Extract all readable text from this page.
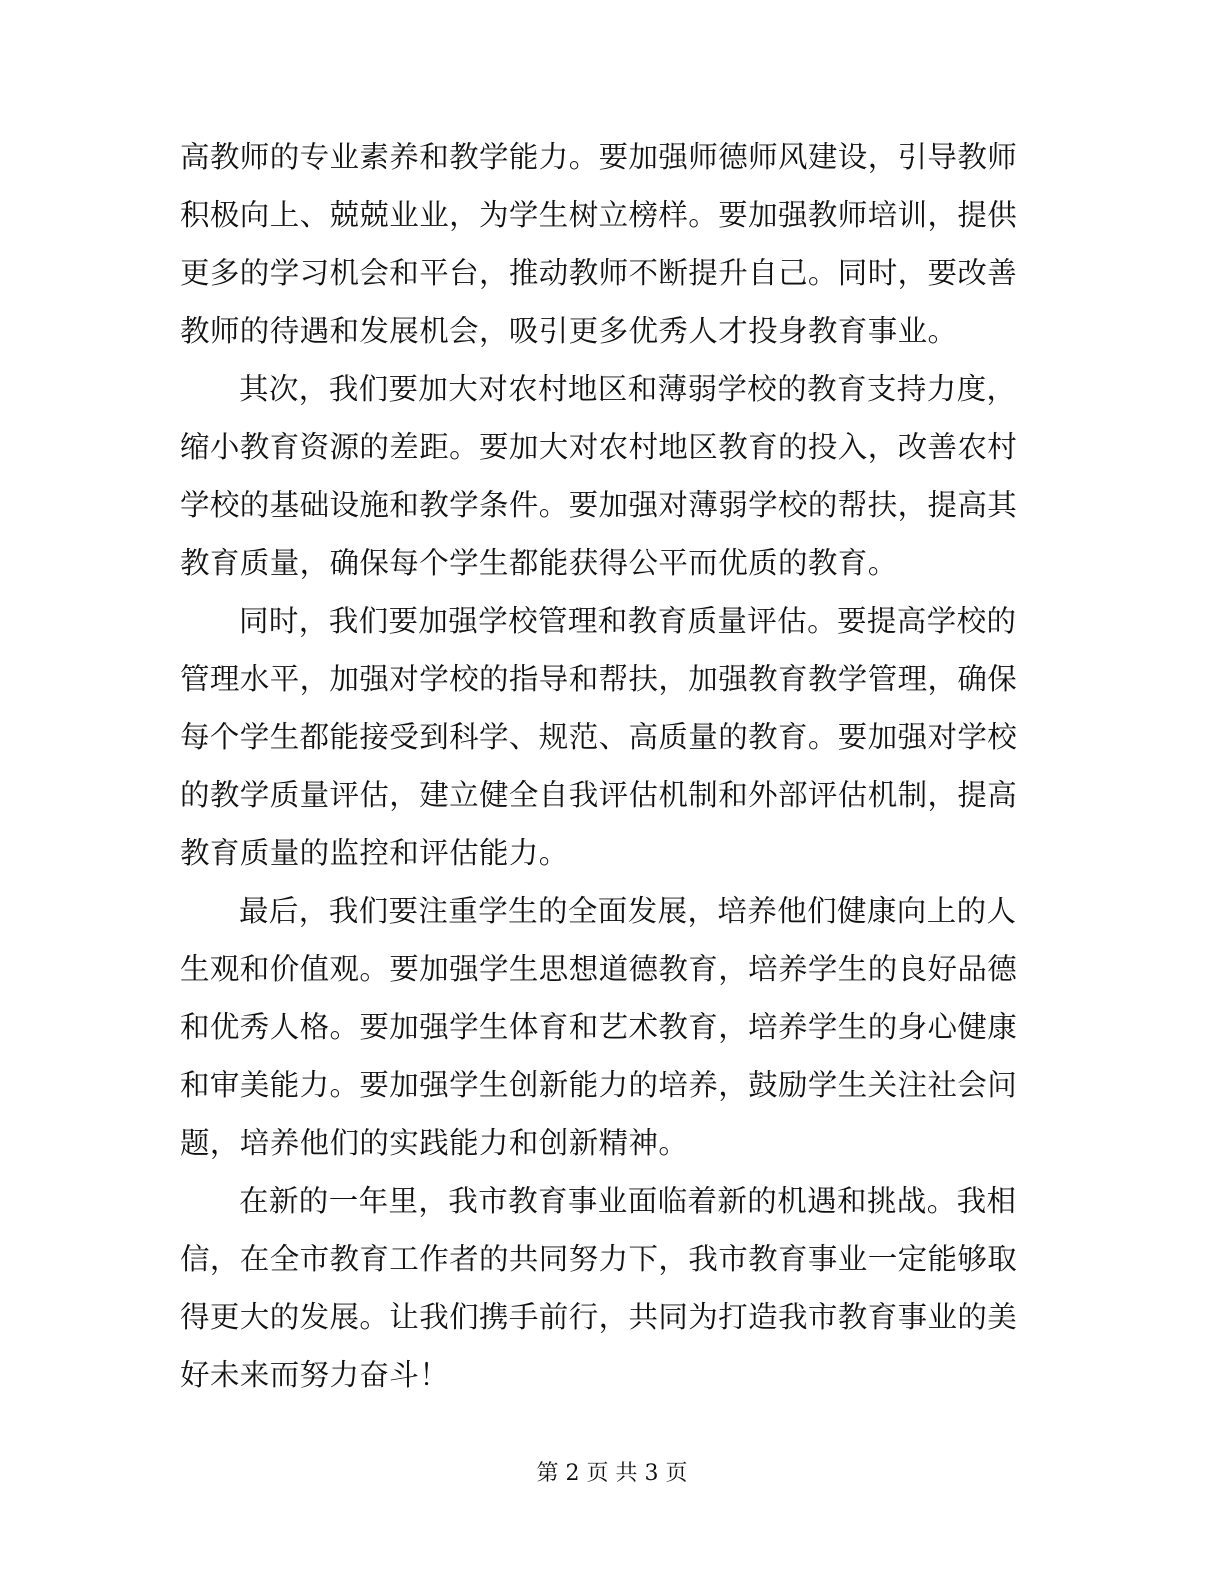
高教师的专业素养和教学能力。要加强师德师风建设，引导教师
积极向上、兢兢业业，为学生树立榜样。要加强教师培训，提供
更多的学习机会和平台，推动教师不断提升自己。同时，要改善
教师的待遇和发展机会，吸引更多优秀人才投身教育事业。
其次，我们要加大对农村地区和薄弱学校的教育支持力度，
缩小教育资源的差距。要加大对农村地区教育的投入，改善农村
学校的基础设施和教学条件。要加强对薄弱学校的帮扶，提高其
教育质量，确保每个学生都能获得公平而优质的教育。
同时，我们要加强学校管理和教育质量评估。要提高学校的
管理水平，加强对学校的指导和帮扶，加强教育教学管理，确保
每个学生都能接受到科学、规范、高质量的教育。要加强对学校
的教学质量评估，建立健全自我评估机制和外部评估机制，提高
教育质量的监控和评估能力。
最后，我们要注重学生的全面发展，培养他们健康向上的人
生观和价值观。要加强学生思想道德教育，培养学生的良好品德
和优秀人格。要加强学生体育和艺术教育，培养学生的身心健康
和审美能力。要加强学生创新能力的培养，鼓励学生关注社会问
题，培养他们的实践能力和创新精神。
在新的一年里，我市教育事业面临着新的机遇和挑战。我相
信，在全市教育工作者的共同努力下，我市教育事业一定能够取
得更大的发展。让我们携手前行，共同为打造我市教育事业的美
好未来而努力奋斗！
第 2 页 共 3 页
